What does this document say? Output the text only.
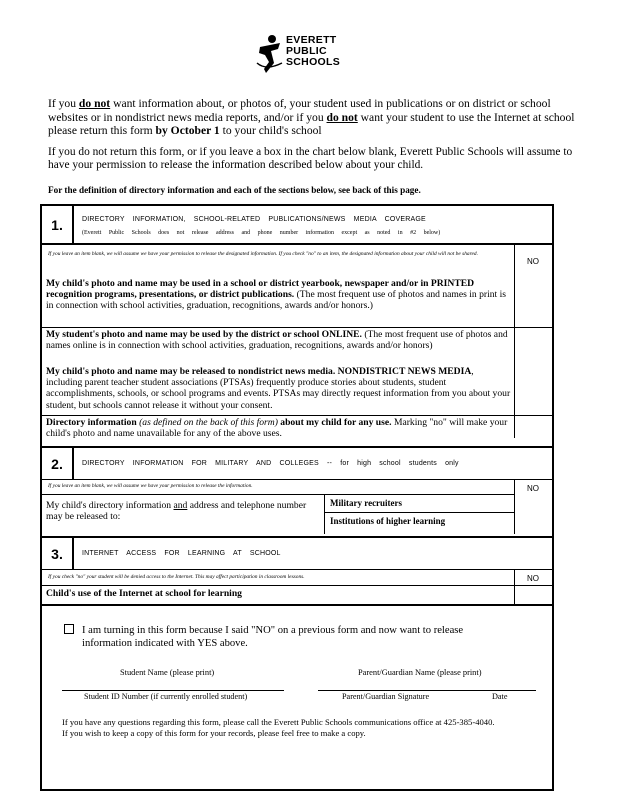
EVERETT
PUBLIC
SCHOOLS
If you do not want information about, or photos of, your student used in publications or on district or school websites or in nondistrict news media reports, and/or if you do not want your student to use the Internet at school please return this form by October 1 to your child's school
If you do not return this form, or if you leave a box in the chart below blank, Everett Public Schools will assume to have your permission to release the information described below about your child.
For the definition of directory information and each of the sections below, see back of this page.
1.	DIRECTORY INFORMATION, SCHOOL-RELATED PUBLICATIONS/NEWS MEDIA COVERAGE
(Everett Public Schools does not release address and phone number information except as noted in #2 below)
If you leave an item blank, we will assume we have your permission to release the designated information. If you check "no" to an item, the designated information about your child will not be shared.
NO
My child's photo and name may be used in a school or district yearbook, newspaper and/or in PRINTED recognition programs, presentations, or district publications. (The most frequent use of photos and names in print is in connection with school activities, graduation, recognitions, awards and/or honors.)
My student's photo and name may be used by the district or school ONLINE. (The most frequent use of photos and names online is in connection with school activities, graduation, recognitions, awards and/or honors)
My child's photo and name may be released to nondistrict news media. NONDISTRICT NEWS MEDIA, including parent teacher student associations (PTSAs) frequently produce stories about students, student accomplishments, schools, or school programs and events. PTSAs may directly request information from you about your student, but schools cannot release it without your consent.
Directory information (as defined on the back of this form) about my child for any use. Marking "no" will make your child's photo and name unavailable for any of the above uses.
2.	DIRECTORY INFORMATION FOR MILITARY AND COLLEGES -- for high school students only
If you leave an item blank, we will assume we have your permission to release the information.	NO
My child's directory information and address and telephone number may be released to:
Military recruiters
Institutions of higher learning
3.	INTERNET ACCESS FOR LEARNING AT SCHOOL
If you check "no" your student will be denied access to the Internet. This may affect participation in classroom lessons.	NO
Child's use of the Internet at school for learning
I am turning in this form because I said "NO" on a previous form and now want to release information indicated with YES above.
Student Name (please print)	Parent/Guardian Name (please print)
Student ID Number (if currently enrolled student)	Parent/Guardian Signature	Date
If you have any questions regarding this form, please call the Everett Public Schools communications office at 425-385-4040.
If you wish to keep a copy of this form for your records, please feel free to make a copy.
